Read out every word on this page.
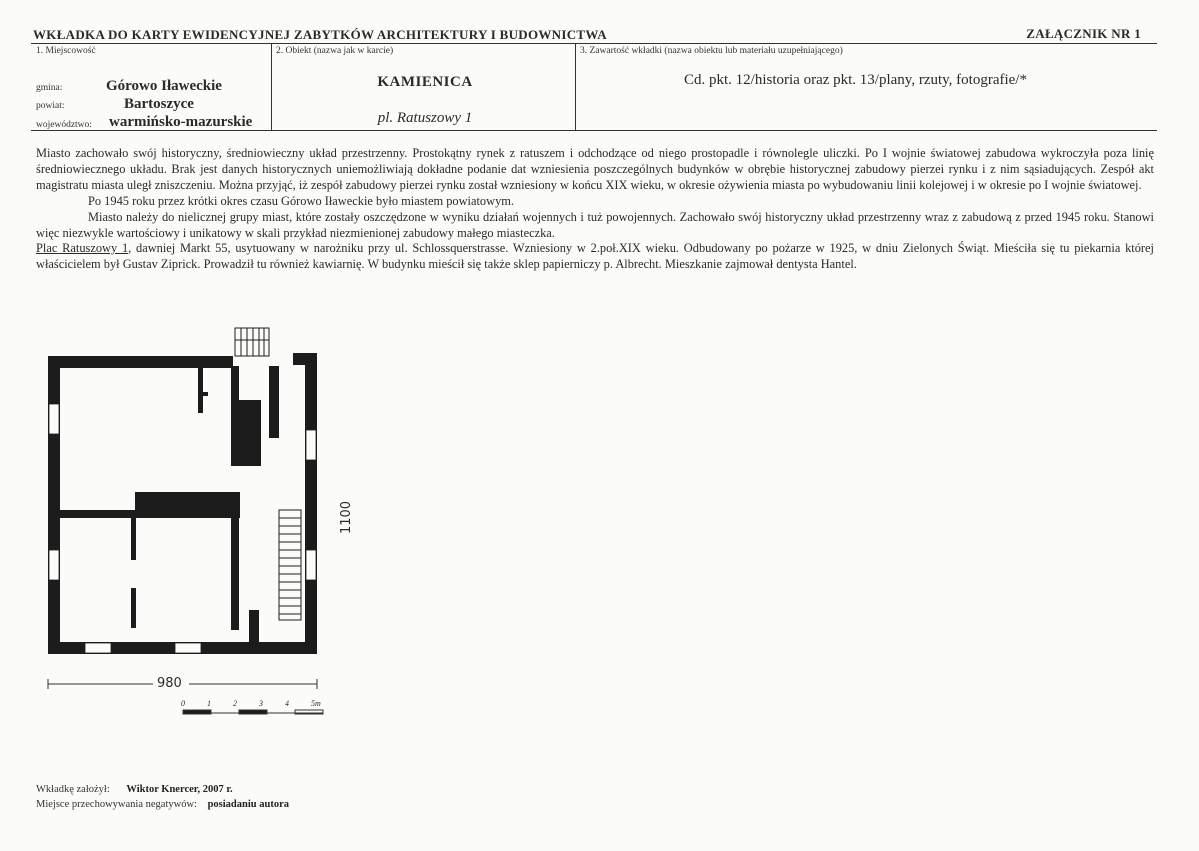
WKŁADKA DO KARTY EWIDENCYJNEJ ZABYTKÓW ARCHITEKTURY I BUDOWNICTWA	ZAŁĄCZNIK NR 1
1. Miejscowość	2. Obiekt (nazwa jak w karcie)	3. Zawartość wkładki (nazwa obiektu lub materiału uzupełniającego)
gmina:	Górowo Iławeckie
powiat:	Bartoszyce
województwo: warmińsko-mazurskie
KAMIENICA
pl. Ratuszowy 1
Cd. pkt. 12/historia oraz pkt. 13/plany, rzuty, fotografie/*

Miasto zachowało swój historyczny, średniowieczny układ przestrzenny. Prostokątny rynek z ratuszem i odchodzące od niego prostopadle i równolegle uliczki. Po I wojnie światowej zabudowa wykroczyła poza linię średniowiecznego układu. Brak jest danych historycznych uniemożliwiają dokładne podanie dat wzniesienia poszczególnych budynków w obrębie historycznej zabudowy pierzei rynku i z nim sąsiadujących. Zespół akt magistratu miasta uległ zniszczeniu. Można przyjąć, iż zespół zabudowy pierzei rynku został wzniesiony w końcu XIX wieku, w okresie ożywienia miasta po wybudowaniu linii kolejowej i w okresie po I wojnie światowej.

Po 1945 roku przez krótki okres czasu Górowo Iławeckie było miastem powiatowym.

Miasto należy do nielicznej grupy miast, które zostały oszczędzone w wyniku działań wojennych i tuż powojennych. Zachowało swój historyczny układ przestrzenny wraz z zabudową z przed 1945 roku. Stanowi więc niezwykle wartościowy i unikatowy w skali przykład niezmienionej zabudowy małego miasteczka.

Plac Ratuszowy 1, dawniej Markt 55, usytuowany w narożniku przy ul. Schlossquerstrasse. Wzniesiony w 2.poł.XIX wieku. Odbudowany po pożarze w 1925, w dniu Zielonych Świąt. Mieściła się tu piekarnia której właścicielem był Gustav Ziprick. Prowadził tu również kawiarnię. W budynku mieścił się także sklep papierniczy p. Albrecht. Mieszkanie zajmował dentysta Hantel.

1100
980
0	1	2	3	4	5m
Wkładkę założył: Wiktor Knercer, 2007 r.
Miejsce przechowywania negatywów: posiadaniu autora
